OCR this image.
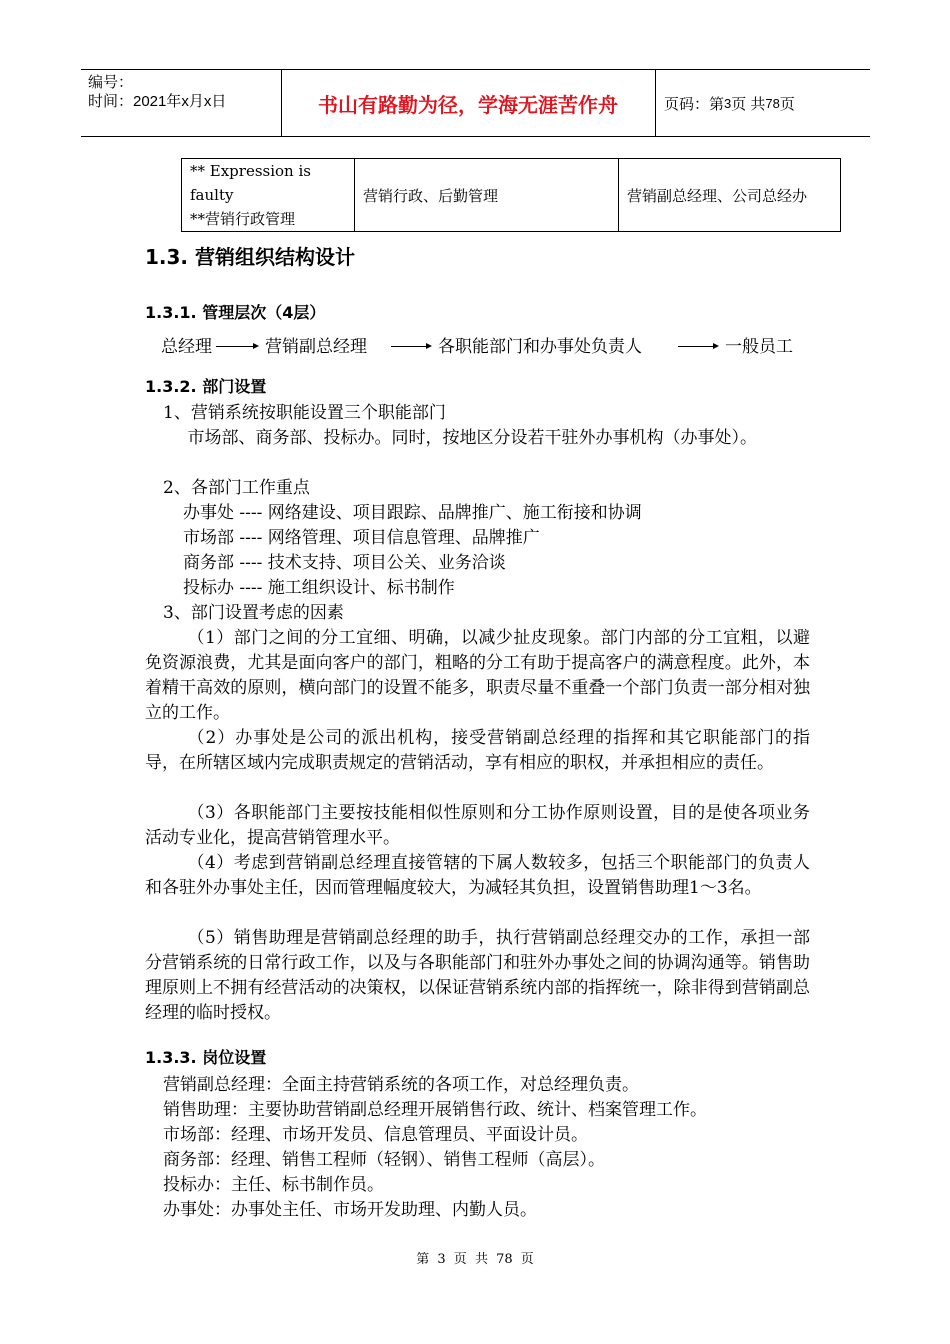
编号：
时间：2021年x月x日	书山有路勤为径，学海无涯苦作舟	页码：第 3 页 共 78 页
** Expression is faulty
**营销行政管理
	营销行政、后勤管理	营销副总经理、公司总经办
1.3. 营销组织结构设计
1.3.1. 管理层次（4层）
总经理	营销副总经理	各职能部门和办事处负责人	一般员工
1.3.2. 部门设置
1、营销系统按职能设置三个职能部门
市场部、商务部、投标办。同时，按地区分设若干驻外办事机构（办事处）。
2、各部门工作重点
办事处 ---- 网络建设、项目跟踪、品牌推广、施工衔接和协调
市场部 ---- 网络管理、项目信息管理、品牌推广
商务部 ---- 技术支持、项目公关、业务洽谈
投标办 ---- 施工组织设计、标书制作
3、部门设置考虑的因素
（1）部门之间的分工宜细、明确，以减少扯皮现象。部门内部的分工宜粗，以避免资源浪费，尤其是面向客户的部门，粗略的分工有助于提高客户的满意程度。此外，本着精干高效的原则，横向部门的设置不能多，职责尽量不重叠一个部门负责一部分相对独立的工作。
（2）办事处是公司的派出机构，接受营销副总经理的指挥和其它职能部门的指导，在所辖区域内完成职责规定的营销活动，享有相应的职权，并承担相应的责任。
（3）各职能部门主要按技能相似性原则和分工协作原则设置，目的是使各项业务活动专业化，提高营销管理水平。
（4）考虑到营销副总经理直接管辖的下属人数较多，包括三个职能部门的负责人和各驻外办事处主任，因而管理幅度较大，为减轻其负担，设置销售助理1～3名。
（5）销售助理是营销副总经理的助手，执行营销副总经理交办的工作，承担一部分营销系统的日常行政工作，以及与各职能部门和驻外办事处之间的协调沟通等。销售助理原则上不拥有经营活动的决策权，以保证营销系统内部的指挥统一，除非得到营销副总经理的临时授权。
1.3.3. 岗位设置
营销副总经理：全面主持营销系统的各项工作，对总经理负责。
销售助理：主要协助营销副总经理开展销售行政、统计、档案管理工作。
市场部：经理、市场开发员、信息管理员、平面设计员。
商务部：经理、销售工程师（轻钢）、销售工程师（高层）。
投标办：主任、标书制作员。
办事处：办事处主任、市场开发助理、内勤人员。
第 3 页 共 78 页
